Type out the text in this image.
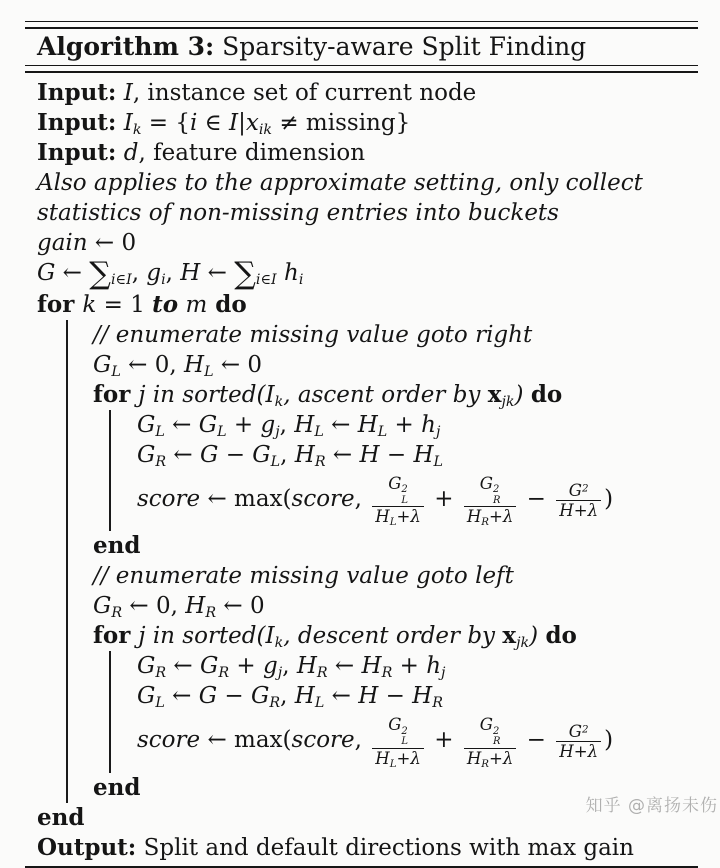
Algorithm 3: Sparsity-aware Split Finding
Input: I, instance set of current node
Input: $I_k = \{i$ ∈ $I|x_{ik} \ne missing$}
Input: d, feature dimension
Also applies to the approximate setting, only collect
statistics of non-missing entries into buckets
gain ← 0
G ← $\sum_{i\in I}$, $g_i$, H ← $\sum_{i\in I}$ $h_i$
for k = 1 to m do
// enumerate missing value goto right
$G_L$ ← 0, $H_L$ ← 0
for j in $sorted(I_k$, ascent order by $x_{jk}$) do
$G_L$ ← $G_L + g_j$, $H_L$ ← $H_L + h_j$
$G_R$ ← $G - G_L$, $H_R$ ← $H - H_L$
score ← max(score, G 2
L
$H_L+\lambda + G$ 2
R
$H_R+\lambda - \frac{G^2}{H+\lambda}$ )
end
// enumerate missing value goto left
$G_R$ ← 0, $H_R$ ← 0
for j in $sorted(I_k$, descent order by $x_{jk}$) do
$G_R$ ← $G_R + g_j$, $H_R$ ← $H_R + h_j$
$G_L$ ← $G - G_R$, $H_L$ ← $H - H_R$
score ← max(score, G 2
L
$H_L+\lambda + G$ 2
R
$H_R+\lambda - \frac{G^2}{H+\lambda}$ )
end
end
Output: Split and default directions with max gain
知乎 @离扬未伤
